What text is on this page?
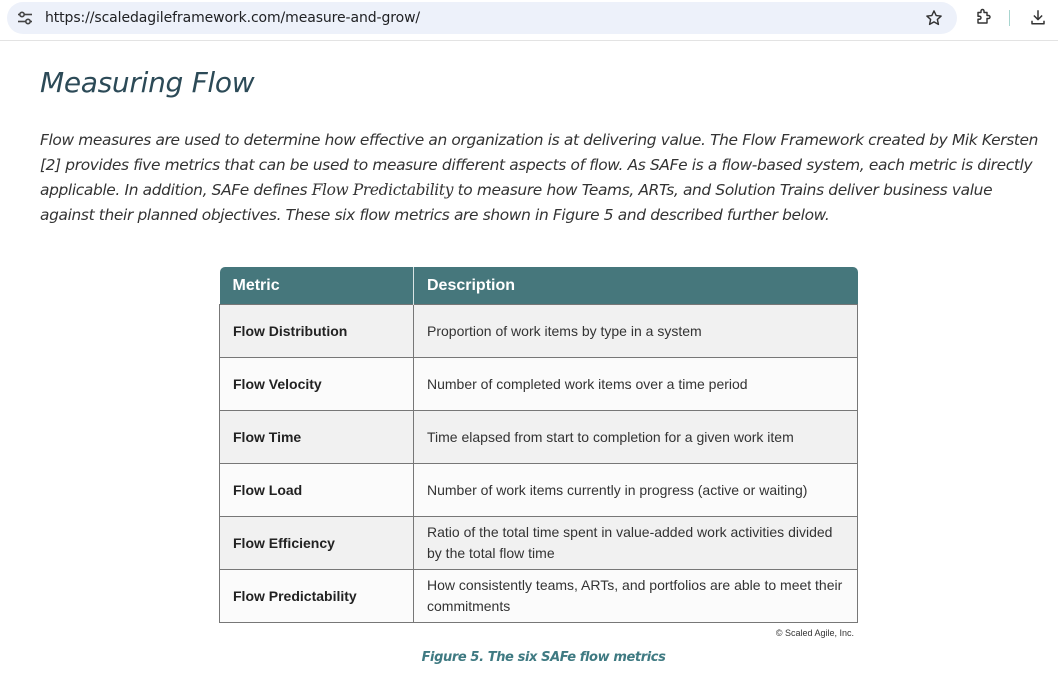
https://scaledagileframework.com/measure-and-grow/
Measuring Flow

Flow measures are used to determine how effective an organization is at delivering value. The Flow Framework created by Mik Kersten [2] provides five metrics that can be used to measure different aspects of flow. As SAFe is a flow-based system, each metric is directly applicable. In addition, SAFe defines Flow Predictability to measure how Teams, ARTs, and Solution Trains deliver business value against their planned objectives. These six flow metrics are shown in Figure 5 and described further below.

Metric	Description
Flow Distribution	Proportion of work items by type in a system
Flow Velocity	Number of completed work items over a time period
Flow Time	Time elapsed from start to completion for a given work item
Flow Load	Number of work items currently in progress (active or waiting)
Flow Efficiency	Ratio of the total time spent in value-added work activities divided by the total flow time
Flow Predictability	How consistently teams, ARTs, and portfolios are able to meet their commitments
© Scaled Agile, Inc.
Figure 5. The six SAFe flow metrics
